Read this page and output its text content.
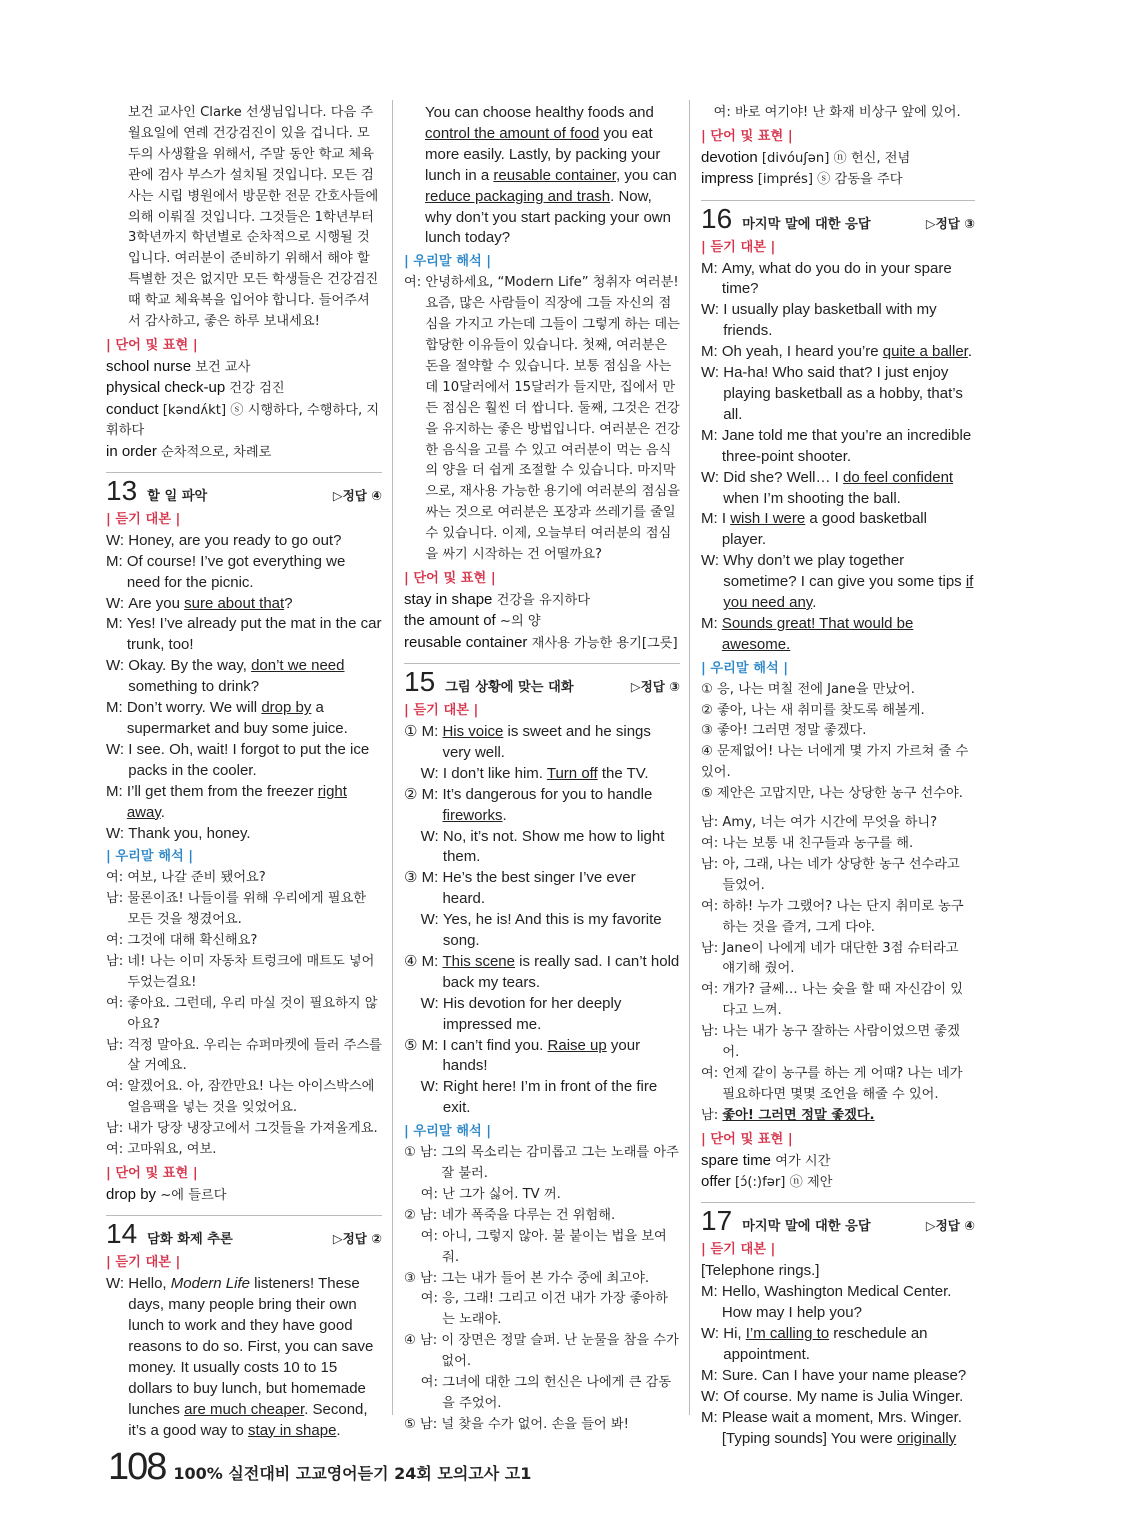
보건 교사인 Clarke 선생님입니다. 다음 주 월요일에 연례 건강검진이 있을 겁니다. 모두의 사생활을 위해서, 주말 동안 학교 체육관에 검사 부스가 설치될 것입니다. 모든 검사는 시립 병원에서 방문한 전문 간호사들에 의해 이뤄질 것입니다. 그것들은 1학년부터 3학년까지 학년별로 순차적으로 시행될 것입니다. 여러분이 준비하기 위해서 해야 할 특별한 것은 없지만 모든 학생들은 건강검진 때 학교 체육복을 입어야 합니다. 들어주셔서 감사하고, 좋은 하루 보내세요!

| 단어 및 표현 |

school nurse 보건 교사

physical check-up 건강 검진

conduct [kəndʌ́kt] ⓢ 시행하다, 수행하다, 지휘하다

in order 순차적으로, 차례로

13 할 일 파악	▷정답 ④

| 듣기 대본 |

W: Honey, are you ready to go out?
M: Of course! I’ve got everything we need for the picnic.
W: Are you sure about that?
M: Yes! I’ve already put the mat in the car trunk, too!
W: Okay. By the way, don’t we need something to drink?
M: Don’t worry. We will drop by a supermarket and buy some juice.
W: I see. Oh, wait! I forgot to put the ice packs in the cooler.
M: I’ll get them from the freezer right away.
W: Thank you, honey.

| 우리말 해석 |

여: 여보, 나갈 준비 됐어요?
남: 물론이죠! 나들이를 위해 우리에게 필요한 모든 것을 챙겼어요.
여: 그것에 대해 확신해요?
남: 네! 나는 이미 자동차 트렁크에 매트도 넣어두었는걸요!
여: 좋아요. 그런데, 우리 마실 것이 필요하지 않아요?
남: 걱정 말아요. 우리는 슈퍼마켓에 들러 주스를 살 거예요.
여: 알겠어요. 아, 잠깐만요! 나는 아이스박스에 얼음팩을 넣는 것을 잊었어요.
남: 내가 당장 냉장고에서 그것들을 가져올게요.
여: 고마워요, 여보.

| 단어 및 표현 |

drop by ~에 들르다

14 담화 화제 추론	▷정답 ②

| 듣기 대본 |

W: Hello, Modern Life listeners! These days, many people bring their own lunch to work and they have good reasons to do so. First, you can save money. It usually costs 10 to 15 dollars to buy lunch, but homemade lunches are much cheaper. Second, it’s a good way to stay in shape.

You can choose healthy foods and control the amount of food you eat more easily. Lastly, by packing your lunch in a reusable container, you can reduce packaging and trash. Now, why don’t you start packing your own lunch today?

| 우리말 해석 |

여: 안녕하세요, “Modern Life” 청취자 여러분! 요즘, 많은 사람들이 직장에 그들 자신의 점심을 가지고 가는데 그들이 그렇게 하는 데는 합당한 이유들이 있습니다. 첫째, 여러분은 돈을 절약할 수 있습니다. 보통 점심을 사는 데 10달러에서 15달러가 들지만, 집에서 만든 점심은 훨씬 더 쌉니다. 둘째, 그것은 건강을 유지하는 좋은 방법입니다. 여러분은 건강한 음식을 고를 수 있고 여러분이 먹는 음식의 양을 더 쉽게 조절할 수 있습니다. 마지막으로, 재사용 가능한 용기에 여러분의 점심을 싸는 것으로 여러분은 포장과 쓰레기를 줄일 수 있습니다. 이제, 오늘부터 여러분의 점심을 싸기 시작하는 건 어떨까요?

| 단어 및 표현 |

stay in shape 건강을 유지하다

the amount of ~의 양

reusable container 재사용 가능한 용기[그릇]

15 그림 상황에 맞는 대화	▷정답 ③

| 듣기 대본 |

① M: His voice is sweet and he sings very well.
W: I don’t like him. Turn off the TV.
② M: It’s dangerous for you to handle fireworks.
W: No, it’s not. Show me how to light them.
③ M: He’s the best singer I’ve ever heard.
W: Yes, he is! And this is my favorite song.
④ M: This scene is really sad. I can’t hold back my tears.
W: His devotion for her deeply impressed me.
⑤ M: I can’t find you. Raise up your hands!
W: Right here! I’m in front of the fire exit.

| 우리말 해석 |

① 남: 그의 목소리는 감미롭고 그는 노래를 아주 잘 불러.
여: 난 그가 싫어. TV 꺼.
② 남: 네가 폭죽을 다루는 건 위험해.
여: 아니, 그렇지 않아. 불 붙이는 법을 보여줘.
③ 남: 그는 내가 들어 본 가수 중에 최고야.
여: 응, 그래! 그리고 이건 내가 가장 좋아하는 노래야.
④ 남: 이 장면은 정말 슬퍼. 난 눈물을 참을 수가 없어.
여: 그녀에 대한 그의 헌신은 나에게 큰 감동을 주었어.
⑤ 남: 널 찾을 수가 없어. 손을 들어 봐!
여: 바로 여기야! 난 화재 비상구 앞에 있어.

| 단어 및 표현 |

devotion [divóuʃən] ⓝ 헌신, 전념

impress [imprés] ⓢ 감동을 주다

16 마지막 말에 대한 응답	▷정답 ③

| 듣기 대본 |

M: Amy, what do you do in your spare time?
W: I usually play basketball with my friends.
M: Oh yeah, I heard you’re quite a baller.
W: Ha-ha! Who said that? I just enjoy playing basketball as a hobby, that’s all.
M: Jane told me that you’re an incredible three-point shooter.
W: Did she? Well… I do feel confident when I’m shooting the ball.
M: I wish I were a good basketball player.
W: Why don’t we play together sometime? I can give you some tips if you need any.
M: Sounds great! That would be awesome.

| 우리말 해석 |

① 응, 나는 며칠 전에 Jane을 만났어.

② 좋아, 나는 새 취미를 찾도록 해볼게.

③ 좋아! 그러면 정말 좋겠다.

④ 문제없어! 나는 너에게 몇 가지 가르쳐 줄 수 있어.

⑤ 제안은 고맙지만, 나는 상당한 농구 선수야.

남: Amy, 너는 여가 시간에 무엇을 하니?
여: 나는 보통 내 친구들과 농구를 해.
남: 아, 그래, 나는 네가 상당한 농구 선수라고 들었어.
여: 하하! 누가 그랬어? 나는 단지 취미로 농구 하는 것을 즐겨, 그게 다야.
남: Jane이 나에게 네가 대단한 3점 슈터라고 얘기해 줬어.
여: 걔가? 글쎄… 나는 슛을 할 때 자신감이 있다고 느껴.
남: 나는 내가 농구 잘하는 사람이었으면 좋겠어.
여: 언제 같이 농구를 하는 게 어때? 나는 네가 필요하다면 몇몇 조언을 해줄 수 있어.
남: 좋아! 그러면 정말 좋겠다.

| 단어 및 표현 |

spare time 여가 시간

offer [ɔ́(:)fər] ⓝ 제안

17 마지막 말에 대한 응답	▷정답 ④

| 듣기 대본 |

[Telephone rings.]

M: Hello, Washington Medical Center. How may I help you?
W: Hi, I’m calling to reschedule an appointment.
M: Sure. Can I have your name please?
W: Of course. My name is Julia Winger.
M: Please wait a moment, Mrs. Winger. [Typing sounds] You were originally
108 100% 실전대비 고교영어듣기 24회 모의고사 고1
